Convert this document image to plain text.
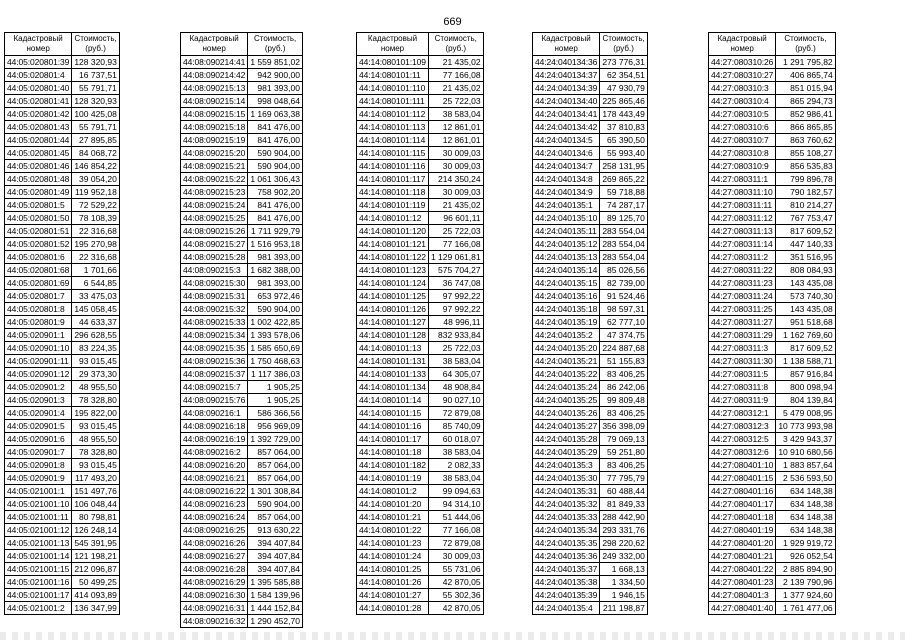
669
Кадастровый номер	Стоимость, (руб.)
44:05:020801:39	128 320,93
44:05:020801:4	16 737,51
44:05:020801:40	55 791,71
44:05:020801:41	128 320,93
44:05:020801:42	100 425,08
44:05:020801:43	55 791,71
44:05:020801:44	27 895,85
44:05:020801:45	84 068,72
44:05:020801:46	146 854,22
44:05:020801:48	39 054,20
44:05:020801:49	119 952,18
44:05:020801:5	72 529,22
44:05:020801:50	78 108,39
44:05:020801:51	22 316,68
44:05:020801:52	195 270,98
44:05:020801:6	22 316,68
44:05:020801:68	1 701,66
44:05:020801:69	6 544,85
44:05:020801:7	33 475,03
44:05:020801:8	145 058,45
44:05:020801:9	44 633,37
44:05:020901:1	296 628,55
44:05:020901:10	83 224,35
44:05:020901:11	93 015,45
44:05:020901:12	29 373,30
44:05:020901:2	48 955,50
44:05:020901:3	78 328,80
44:05:020901:4	195 822,00
44:05:020901:5	93 015,45
44:05:020901:6	48 955,50
44:05:020901:7	78 328,80
44:05:020901:8	93 015,45
44:05:020901:9	117 493,20
44:05:021001:1	151 497,76
44:05:021001:10	106 048,44
44:05:021001:11	80 798,81
44:05:021001:12	126 248,14
44:05:021001:13	545 391,95
44:05:021001:14	121 198,21
44:05:021001:15	212 096,87
44:05:021001:16	50 499,25
44:05:021001:17	414 093,89
44:05:021001:2	136 347,99
Кадастровый номер	Стоимость, (руб.)
44:08:090214:41	1 559 851,02
44:08:090214:42	942 900,00
44:08:090215:13	981 393,00
44:08:090215:14	998 048,64
44:08:090215:15	1 169 063,38
44:08:090215:18	841 476,00
44:08:090215:19	841 476,00
44:08:090215:20	590 904,00
44:08:090215:21	590 904,00
44:08:090215:22	1 061 306,43
44:08:090215:23	758 902,20
44:08:090215:24	841 476,00
44:08:090215:25	841 476,00
44:08:090215:26	1 711 929,79
44:08:090215:27	1 516 953,18
44:08:090215:28	981 393,00
44:08:090215:3	1 682 388,00
44:08:090215:30	981 393,00
44:08:090215:31	653 972,46
44:08:090215:32	590 904,00
44:08:090215:33	1 002 422,85
44:08:090215:34	1 393 578,06
44:08:090215:35	1 585 650,69
44:08:090215:36	1 750 468,63
44:08:090215:37	1 117 386,03
44:08:090215:7	1 905,25
44:08:090215:76	1 905,25
44:08:090216:1	586 366,56
44:08:090216:18	956 969,09
44:08:090216:19	1 392 729,00
44:08:090216:2	857 064,00
44:08:090216:20	857 064,00
44:08:090216:21	857 064,00
44:08:090216:22	1 301 308,84
44:08:090216:23	590 904,00
44:08:090216:24	857 064,00
44:08:090216:25	913 630,22
44:08:090216:26	394 407,84
44:08:090216:27	394 407,84
44:08:090216:28	394 407,84
44:08:090216:29	1 395 585,88
44:08:090216:30	1 584 139,96
44:08:090216:31	1 444 152,84
44:08:090216:32	1 290 452,70
Кадастровый номер	Стоимость, (руб.)
44:14:080101:109	21 435,02
44:14:080101:11	77 166,08
44:14:080101:110	21 435,02
44:14:080101:111	25 722,03
44:14:080101:112	38 583,04
44:14:080101:113	12 861,01
44:14:080101:114	12 861,01
44:14:080101:115	30 009,03
44:14:080101:116	30 009,03
44:14:080101:117	214 350,24
44:14:080101:118	30 009,03
44:14:080101:119	21 435,02
44:14:080101:12	96 601,11
44:14:080101:120	25 722,03
44:14:080101:121	77 166,08
44:14:080101:122	1 129 061,81
44:14:080101:123	575 704,27
44:14:080101:124	36 747,08
44:14:080101:125	97 992,22
44:14:080101:126	97 992,22
44:14:080101:127	48 996,11
44:14:080101:128	832 933,84
44:14:080101:13	25 722,03
44:14:080101:131	38 583,04
44:14:080101:133	64 305,07
44:14:080101:134	48 908,84
44:14:080101:14	90 027,10
44:14:080101:15	72 879,08
44:14:080101:16	85 740,09
44:14:080101:17	60 018,07
44:14:080101:18	38 583,04
44:14:080101:182	2 082,33
44:14:080101:19	38 583,04
44:14:080101:2	99 094,63
44:14:080101:20	94 314,10
44:14:080101:21	51 444,06
44:14:080101:22	77 166,08
44:14:080101:23	72 879,08
44:14:080101:24	30 009,03
44:14:080101:25	55 731,06
44:14:080101:26	42 870,05
44:14:080101:27	55 302,36
44:14:080101:28	42 870,05
Кадастровый номер	Стоимость, (руб.)
44:24:040134:36	273 776,31
44:24:040134:37	62 354,51
44:24:040134:39	47 930,79
44:24:040134:40	225 865,46
44:24:040134:41	178 443,49
44:24:040134:42	37 810,83
44:24:040134:5	65 390,50
44:24:040134:6	55 993,40
44:24:040134:7	258 131,95
44:24:040134:8	269 865,22
44:24:040134:9	59 718,88
44:24:040135:1	74 287,17
44:24:040135:10	89 125,70
44:24:040135:11	283 554,04
44:24:040135:12	283 554,04
44:24:040135:13	283 554,04
44:24:040135:14	85 026,56
44:24:040135:15	82 739,00
44:24:040135:16	91 524,46
44:24:040135:18	98 597,31
44:24:040135:19	62 777,10
44:24:040135:2	47 374,75
44:24:040135:20	224 887,68
44:24:040135:21	51 155,83
44:24:040135:22	83 406,25
44:24:040135:24	86 242,06
44:24:040135:25	99 809,48
44:24:040135:26	83 406,25
44:24:040135:27	356 398,09
44:24:040135:28	79 069,13
44:24:040135:29	59 251,80
44:24:040135:3	83 406,25
44:24:040135:30	77 795,79
44:24:040135:31	60 488,44
44:24:040135:32	81 849,33
44:24:040135:33	288 442,90
44:24:040135:34	293 331,76
44:24:040135:35	298 220,62
44:24:040135:36	249 332,00
44:24:040135:37	1 668,13
44:24:040135:38	1 334,50
44:24:040135:39	1 946,15
44:24:040135:4	211 198,87
Кадастровый номер	Стоимость, (руб.)
44:27:080310:26	1 291 795,82
44:27:080310:27	406 865,74
44:27:080310:3	851 015,94
44:27:080310:4	865 294,73
44:27:080310:5	852 986,41
44:27:080310:6	866 865,85
44:27:080310:7	863 760,62
44:27:080310:8	855 108,27
44:27:080310:9	856 535,83
44:27:080311:1	799 896,78
44:27:080311:10	790 182,57
44:27:080311:11	810 214,27
44:27:080311:12	767 753,47
44:27:080311:13	817 609,52
44:27:080311:14	447 140,33
44:27:080311:2	351 516,95
44:27:080311:22	808 084,93
44:27:080311:23	143 435,08
44:27:080311:24	573 740,30
44:27:080311:25	143 435,08
44:27:080311:27	951 518,68
44:27:080311:29	1 162 769,60
44:27:080311:3	817 609,52
44:27:080311:30	1 138 588,71
44:27:080311:5	857 916,84
44:27:080311:8	800 098,94
44:27:080311:9	804 139,84
44:27:080312:1	5 479 008,95
44:27:080312:3	10 773 993,98
44:27:080312:5	3 429 943,37
44:27:080312:6	10 910 680,56
44:27:080401:10	1 883 857,64
44:27:080401:15	2 536 593,50
44:27:080401:16	634 148,38
44:27:080401:17	634 148,38
44:27:080401:18	634 148,38
44:27:080401:19	634 148,38
44:27:080401:20	1 929 919,72
44:27:080401:21	926 052,54
44:27:080401:22	2 885 894,90
44:27:080401:23	2 139 790,96
44:27:080401:3	1 377 924,60
44:27:080401:40	1 761 477,06
